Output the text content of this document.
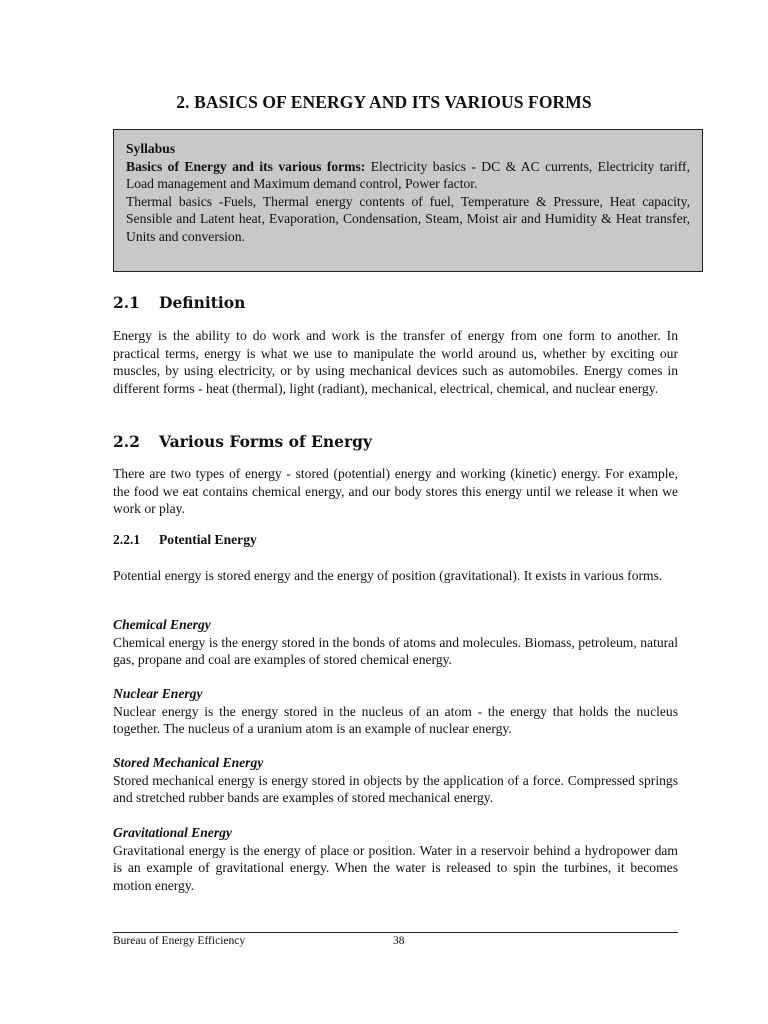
2. BASICS OF ENERGY AND ITS VARIOUS FORMS
Syllabus

Basics of Energy and its various forms: Electricity basics - DC & AC currents, Electricity tariff, Load management and Maximum demand control, Power factor.

Thermal basics -Fuels, Thermal energy contents of fuel, Temperature & Pressure, Heat capacity, Sensible and Latent heat, Evaporation, Condensation, Steam, Moist air and Humidity & Heat transfer, Units and conversion.

2.1 Definition

Energy is the ability to do work and work is the transfer of energy from one form to another. In practical terms, energy is what we use to manipulate the world around us, whether by exciting our muscles, by using electricity, or by using mechanical devices such as automobiles. Energy comes in different forms - heat (thermal), light (radiant), mechanical, electrical, chemical, and nuclear energy.

2.2 Various Forms of Energy

There are two types of energy - stored (potential) energy and working (kinetic) energy. For example, the food we eat contains chemical energy, and our body stores this energy until we release it when we work or play.

2.2.1 Potential Energy

Potential energy is stored energy and the energy of position (gravitational). It exists in various forms.

Chemical Energy

Chemical energy is the energy stored in the bonds of atoms and molecules. Biomass, petroleum, natural gas, propane and coal are examples of stored chemical energy.

Nuclear Energy

Nuclear energy is the energy stored in the nucleus of an atom - the energy that holds the nucleus together. The nucleus of a uranium atom is an example of nuclear energy.

Stored Mechanical Energy

Stored mechanical energy is energy stored in objects by the application of a force. Compressed springs and stretched rubber bands are examples of stored mechanical energy.

Gravitational Energy

Gravitational energy is the energy of place or position. Water in a reservoir behind a hydropower dam is an example of gravitational energy. When the water is released to spin the turbines, it becomes motion energy.

Bureau of Energy Efficiency	38
